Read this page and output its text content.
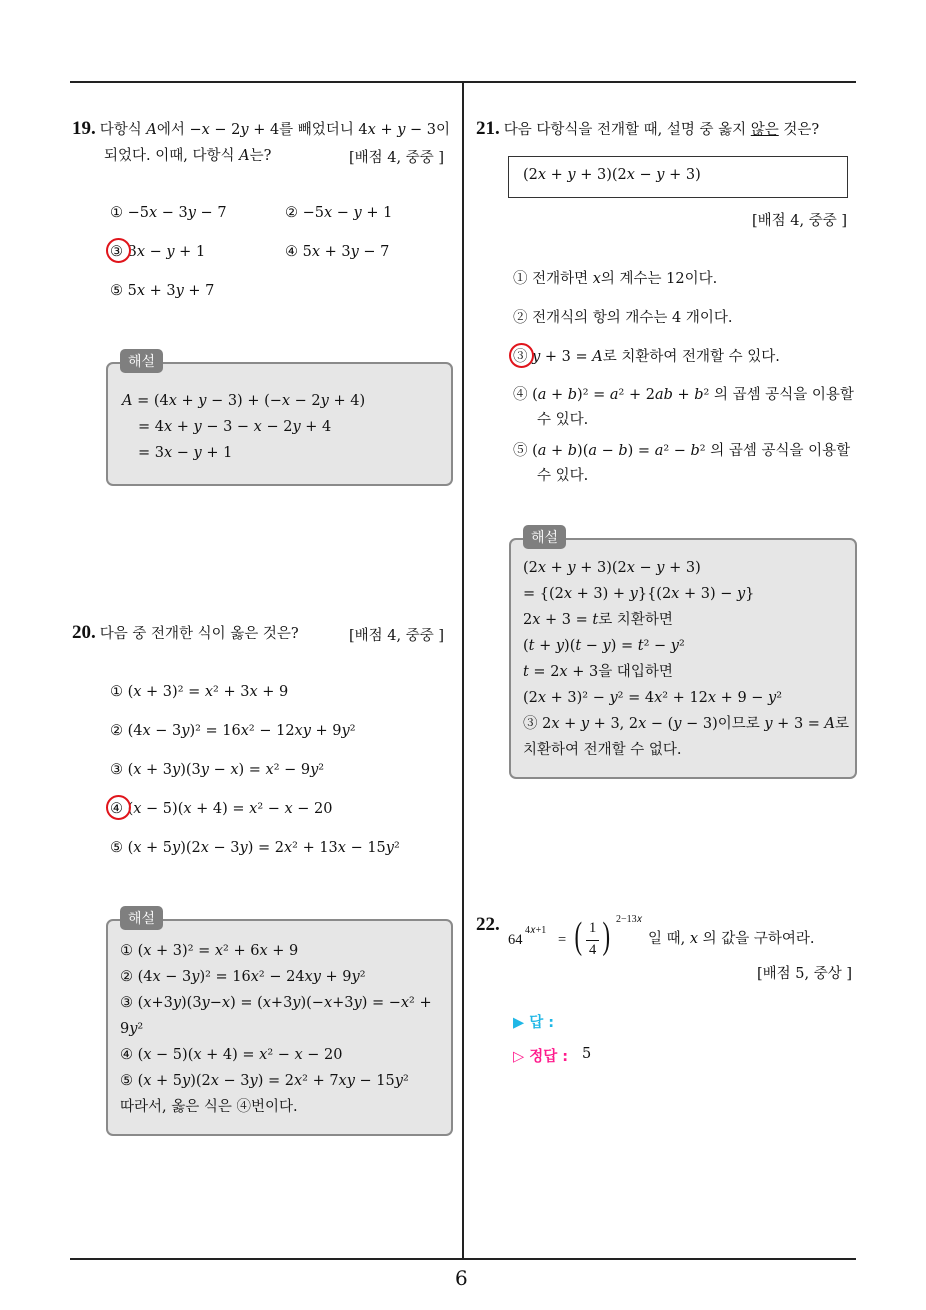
6
19. 다항식 𝐴에서 −𝑥 − 2𝑦 + 4를 빼었더니 4𝑥 + 𝑦 − 3이
되었다. 이때, 다항식 𝐴는?	[배점 4, 중중 ]
① −5𝑥 − 3𝑦 − 7	② −5𝑥 − 𝑦 + 1
③ 3𝑥 − 𝑦 + 1	④ 5𝑥 + 3𝑦 − 7
⑤ 5𝑥 + 3𝑦 + 7
𝐴 = (4𝑥 + 𝑦 − 3) + (−𝑥 − 2𝑦 + 4)
= 4𝑥 + 𝑦 − 3 − 𝑥 − 2𝑦 + 4
= 3𝑥 − 𝑦 + 1
해설
20. 다음 중 전개한 식이 옳은 것은?	[배점 4, 중중 ]
① (𝑥 + 3)² = 𝑥² + 3𝑥 + 9
② (4𝑥 − 3𝑦)² = 16𝑥² − 12𝑥𝑦 + 9𝑦²
③ (𝑥 + 3𝑦)(3𝑦 − 𝑥) = 𝑥² − 9𝑦²
④ (𝑥 − 5)(𝑥 + 4) = 𝑥² − 𝑥 − 20
⑤ (𝑥 + 5𝑦)(2𝑥 − 3𝑦) = 2𝑥² + 13𝑥 − 15𝑦²
① (𝑥 + 3)² = 𝑥² + 6𝑥 + 9
② (4𝑥 − 3𝑦)² = 16𝑥² − 24𝑥𝑦 + 9𝑦²
③ (𝑥+3𝑦)(3𝑦−𝑥) = (𝑥+3𝑦)(−𝑥+3𝑦) = −𝑥² +
9𝑦²
④ (𝑥 − 5)(𝑥 + 4) = 𝑥² − 𝑥 − 20
⑤ (𝑥 + 5𝑦)(2𝑥 − 3𝑦) = 2𝑥² + 7𝑥𝑦 − 15𝑦²
따라서, 옳은 식은 ④번이다.
해설
21. 다음 다항식을 전개할 때, 설명 중 옳지 않은 것은?
(2𝑥 + 𝑦 + 3)(2𝑥 − 𝑦 + 3)
[배점 4, 중중 ]
① 전개하면 𝑥의 계수는 12이다.
② 전개식의 항의 개수는 4 개이다.
③ 𝑦 + 3 = 𝐴로 치환하여 전개할 수 있다.
④ (𝑎 + 𝑏)² = 𝑎² + 2𝑎𝑏 + 𝑏² 의 곱셈 공식을 이용할
수 있다.
⑤ (𝑎 + 𝑏)(𝑎 − 𝑏) = 𝑎² − 𝑏² 의 곱셈 공식을 이용할
수 있다.
(2𝑥 + 𝑦 + 3)(2𝑥 − 𝑦 + 3)
= {(2𝑥 + 3) + 𝑦}{(2𝑥 + 3) − 𝑦}
2𝑥 + 3 = 𝑡로 치환하면
(𝑡 + 𝑦)(𝑡 − 𝑦) = 𝑡² − 𝑦²
𝑡 = 2𝑥 + 3을 대입하면
(2𝑥 + 3)² − 𝑦² = 4𝑥² + 12𝑥 + 9 − 𝑦²
③ 2𝑥 + 𝑦 + 3, 2𝑥 − (𝑦 − 3)이므로 𝑦 + 3 = 𝐴로
치환하여 전개할 수 없다.
해설
22.
64
4𝑥+1
= ( 1
4 ) 2−13𝑥
일 때, 𝑥 의 값을 구하여라.
[배점 5, 중상 ]
▶ 답 :
▷ 정답 : 5
